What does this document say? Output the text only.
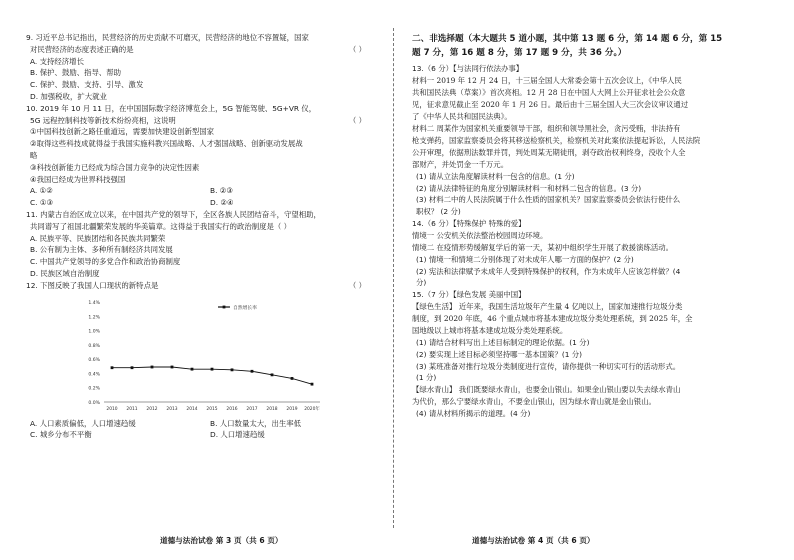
9. 习近平总书记指出，民营经济的历史贡献不可磨灭，民营经济的地位不容置疑，国家
对民营经济的态度表述正确的是	（ ）
A. 支持经济增长
B. 保护、鼓励、指导、帮助
C. 保护、鼓励、支持、引导、激发
D. 加强税收，扩大就业
10. 2019 年 10 月 11 日，在中国国际数字经济博览会上，5G 智能驾驶、5G+VR 仪，
5G 远程控制科技等新技术纷纷亮相，这说明	（ ）
①中国科技创新之路任重道远，需要加快建设创新型国家
②取得这些科技成就得益于我国实施科教兴国战略、人才强国战略、创新驱动发展战
略
③科技创新能力已经成为综合国力竞争的决定性因素
④我国已经成为世界科技强国
A. ①②	B. ②③
C. ①③	D. ②④
11. 内蒙古自治区成立以来，在中国共产党的领导下，全区各族人民团结奋斗，守望相助，
共同谱写了祖国北疆繁荣发展的华美篇章。这得益于我国实行的政治制度是（ ）
A. 民族平等、民族团结和各民族共同繁荣
B. 公有制为主体、多种所有制经济共同发展
C. 中国共产党领导的多党合作和政治协商制度
D. 民族区域自治制度
12. 下图反映了我国人口现状的新特点是	（ ）
0.0%
0.2%
0.4%
0.6%
0.8%
1.0%
1.2%
1.4%
2010 2011 2012 2013 2014 2015 2016 2017 2018 2019 2020年
自然增长率
A. 人口素质偏低，人口增速趋缓	B. 人口数量太大，出生率低
C. 城乡分布不平衡	D. 人口增速趋缓
二、非选择题（本大题共 5 道小题，其中第 13 题 6 分，第 14 题 6 分，第 15
题 7 分，第 16 题 8 分，第 17 题 9 分，共 36 分。）
13.（6 分）【与法同行依法办事】
材料一 2019 年 12 月 24 日，十三届全国人大常委会第十五次会议上，《中华人民
共和国民法典（草案）》首次亮相。12 月 28 日在中国人大网上公开征求社会公众意
见，征求意见截止至 2020 年 1 月 26 日。最后由十三届全国人大三次会议审议通过
了《中华人民共和国民法典》。
材料二 周某作为国家机关重要领导干部，组织和领导黑社会，贪污受贿，非法持有
枪支弹药，国家监察委员会将其移送检察机关，检察机关对此案依法提起诉讼，人民法院
公开审理，依据刑法数罪并罚，判处周某无期徒刑，剥夺政治权利终身，没收个人全
部财产，并处罚金一千万元。
(1) 请从立法角度解读材料一包含的信息。(1 分)
(2) 请从法律特征的角度分别解读材料一和材料二包含的信息。(3 分)
(3) 材料二中的人民法院属于什么性质的国家机关？国家监察委员会依法行使什么
职权？ (2 分)
14.（6 分）【特殊保护 特殊的爱】
情境一 公安机关依法整治校园周边环境。
情境二 在疫情形势缓解复学后的第一天，某初中组织学生开展了救援演练活动。
(1) 情境一和情境二分别体现了对未成年人哪一方面的保护？(2 分)
(2) 宪法和法律赋予未成年人受到特殊保护的权利，作为未成年人应该怎样做？(4
分)
15.（7 分）【绿色发展 美丽中国】
【绿色生活】 近年来，我国生活垃圾年产生量 4 亿吨以上，国家加速推行垃圾分类
制度，到 2020 年底，46 个重点城市将基本建成垃圾分类处理系统，到 2025 年，全
国地级以上城市将基本建成垃圾分类处理系统。
(1) 请结合材料写出上述目标制定的理论依据。(1 分)
(2) 要实现上述目标必须坚持哪一基本国策？(1 分)
(3) 某班准备对推行垃圾分类制度进行宣传，请你提供一种切实可行的活动形式。
(1 分)
【绿水青山】 我们既要绿水青山，也要金山银山。如果金山银山要以失去绿水青山
为代价，那么宁要绿水青山，不要金山银山，因为绿水青山就是金山银山。
(4) 请从材料所揭示的道理。(4 分)
道德与法治试卷 第 3 页（共 6 页）	道德与法治试卷 第 4 页（共 6 页）
